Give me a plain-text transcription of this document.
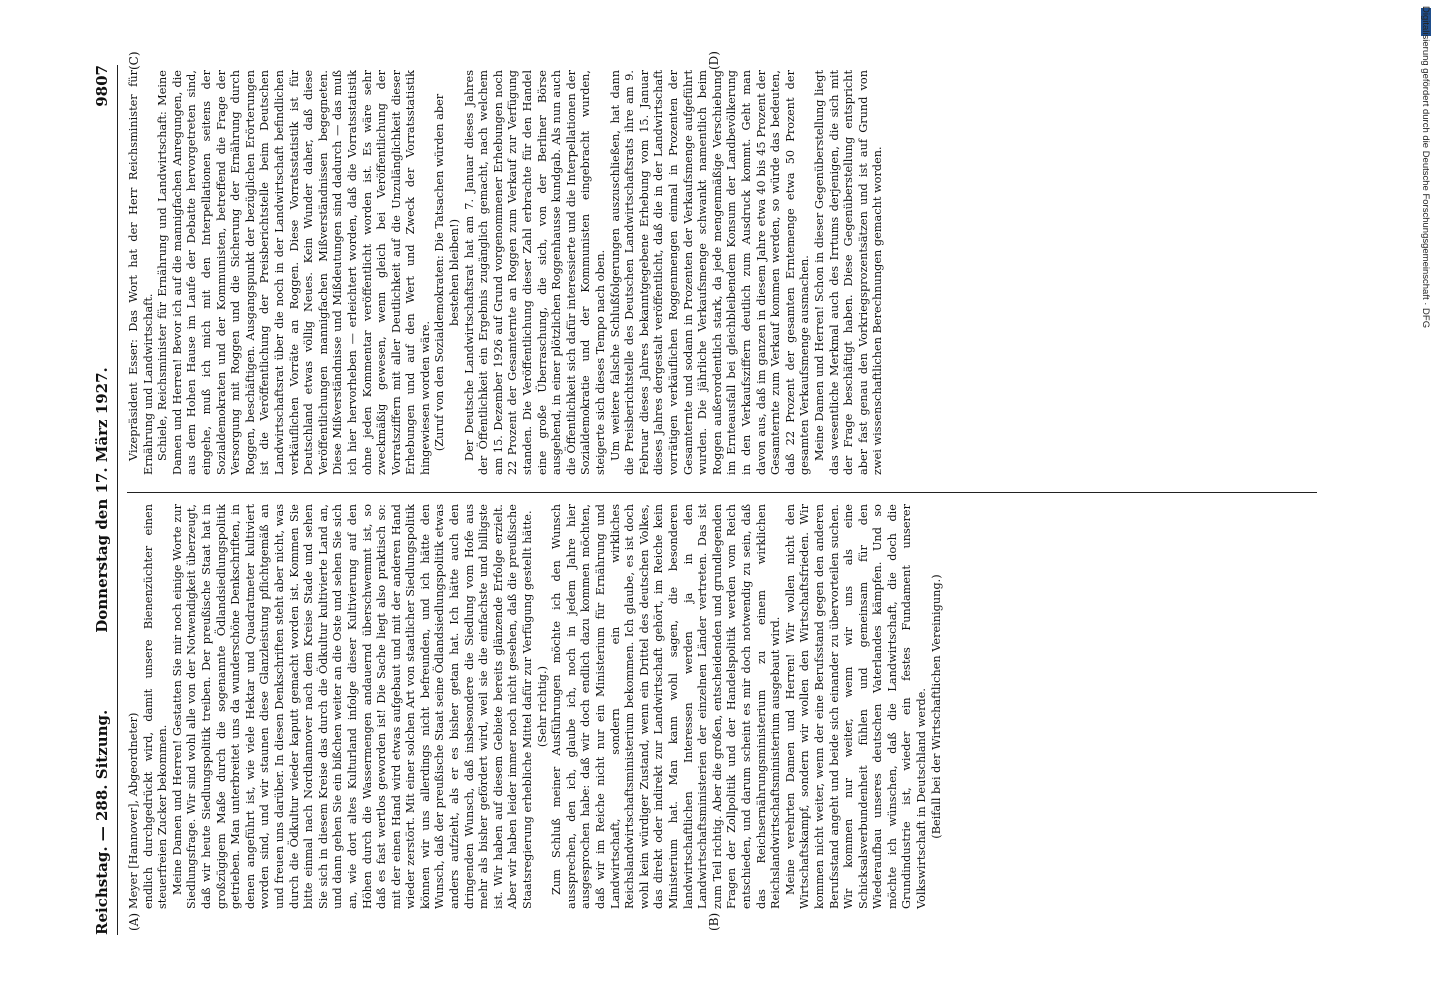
Reichstag. — 288. Sitzung.
Donnerstag den 17. März 1927.
9807
(A)	(B)
(C)	(D)

Meyer [Hannover], Abgeordneter) endlich durchgedrückt wird, damit unsere Bienenzüchter einen steuerfreien Zucker bekommen. Meine Damen und Herren! Gestatten Sie mir noch einige Worte zur Siedlungsfrage. Wir sind wohl alle von der Notwendigkeit überzeugt, daß wir heute Siedlungspolitik treiben. Der preußische Staat hat in großzügigem Maße durch die sogenannte Ödlandsiedlungspolitik getrieben. Man unterbreitet uns da wunderschöne Denkschriften, in denen angeführt ist, wie viele Hektar und Quadratmeter kultiviert worden sind, und wir staunen diese Glanzleistung pflichtgemäß an und freuen uns darüber. In diesen Denkschriften steht aber nicht, was durch die Ödkultur wieder kaputt gemacht worden ist. Kommen Sie bitte einmal nach Nordhannover nach dem Kreise Stade und sehen Sie sich in diesem Kreise das durch die Ödkultur kultivierte Land an, und dann gehen Sie ein bißchen weiter an die Oste und sehen Sie sich an, wie dort altes Kulturland infolge dieser Kultivierung auf den Höhen durch die Wassermengen andauernd überschwemmt ist, so daß es fast wertlos geworden ist! Die Sache liegt also praktisch so: mit der einen Hand wird etwas aufgebaut und mit der anderen Hand wieder zerstört. Mit einer solchen Art von staatlicher Siedlungspolitik können wir uns allerdings nicht befreunden, und ich hätte den Wunsch, daß der preußische Staat seine Ödlandsiedlungspolitik etwas anders aufzieht, als er es bisher getan hat. Ich hätte auch den dringenden Wunsch, daß insbesondere die Siedlung vom Hofe aus mehr als bisher gefördert wird, weil sie die einfachste und billigste ist. Wir haben auf diesem Gebiete bereits glänzende Erfolge erzielt. Aber wir haben leider immer noch nicht gesehen, daß die preußische Staatsregierung erhebliche Mittel dafür zur Verfügung gestellt hätte. (Sehr richtig.) Zum Schluß meiner Ausführungen möchte ich den Wunsch aussprechen, den ich, glaube ich, noch in jedem Jahre hier ausgesprochen habe: daß wir doch endlich dazu kommen möchten, daß wir im Reiche nicht nur ein Ministerium für Ernährung und Landwirtschaft, sondern ein wirkliches Reichslandwirtschaftsministerium bekommen. Ich glaube, es ist doch wohl kein würdiger Zustand, wenn ein Drittel des deutschen Volkes, das direkt oder indirekt zur Landwirtschaft gehört, im Reiche kein Ministerium hat. Man kann wohl sagen, die besonderen landwirtschaftlichen Interessen werden ja in den Landwirtschaftsministerien der einzelnen Länder vertreten. Das ist zum Teil richtig. Aber die großen, entscheidenden und grundlegenden Fragen der Zollpolitik und der Handelspolitik werden vom Reich entschieden, und darum scheint es mir doch notwendig zu sein, daß das Reichsernährungsministerium zu einem wirklichen Reichslandwirtschaftsministerium ausgebaut wird. Meine verehrten Damen und Herren! Wir wollen nicht den Wirtschaftskampf, sondern wir wollen den Wirtschaftsfrieden. Wir kommen nicht weiter, wenn der eine Berufsstand gegen den anderen Berufsstand angeht und beide sich einander zu übervorteilen suchen. Wir kommen nur weiter, wenn wir uns als eine Schicksalsverbundenheit fühlen und gemeinsam für den Wiederaufbau unseres deutschen Vaterlandes kämpfen. Und so möchte ich wünschen, daß die Landwirtschaft, die doch die Grundindustrie ist, wieder ein festes Fundament unserer Volkswirtschaft in Deutschland werde. (Beifall bei der Wirtschaftlichen Vereinigung.)

Vizepräsident Esser: Das Wort hat der Herr Reichsminister für Ernährung und Landwirtschaft. Schiele, Reichsminister für Ernährung und Landwirtschaft: Meine Damen und Herren! Bevor ich auf die mannigfachen Anregungen, die aus dem Hohen Hause im Laufe der Debatte hervorgetreten sind, eingehe, muß ich mich mit den Interpellationen seitens der Sozialdemokraten und der Kommunisten, betreffend die Frage der Versorgung mit Roggen und die Sicherung der Ernährung durch Roggen, beschäftigen. Ausgangspunkt der bezüglichen Erörterungen ist die Veröffentlichung der Preisberichtstelle beim Deutschen Landwirtschaftsrat über die noch in der Landwirtschaft befindlichen verkäuflichen Vorräte an Roggen. Diese Vorratsstatistik ist für Deutschland etwas völlig Neues. Kein Wunder daher, daß diese Veröffentlichungen mannigfachen Mißverständnissen begegneten. Diese Mißverständnisse und Mißdeutungen sind dadurch — das muß ich hier hervorheben — erleichtert worden, daß die Vorratsstatistik ohne jeden Kommentar veröffentlicht worden ist. Es wäre sehr zweckmäßig gewesen, wenn gleich bei Veröffentlichung der Vorratsziffern mit aller Deutlichkeit auf die Unzulänglichkeit dieser Erhebungen und auf den Wert und Zweck der Vorratsstatistik hingewiesen worden wäre. (Zuruf von den Sozialdemokraten: Die Tatsachen würden aber bestehen bleiben!) Der Deutsche Landwirtschaftsrat hat am 7. Januar dieses Jahres der Öffentlichkeit ein Ergebnis zugänglich gemacht, nach welchem am 15. Dezember 1926 auf Grund vorgenommener Erhebungen noch 22 Prozent der Gesamternte an Roggen zum Verkauf zur Verfügung standen. Die Veröffentlichung dieser Zahl erbrachte für den Handel eine große Überraschung, die sich, von der Berliner Börse ausgehend, in einer plötzlichen Roggenhausse kundgab. Als nun auch die Öffentlichkeit sich dafür interessierte und die Interpellationen der Sozialdemokratie und der Kommunisten eingebracht wurden, steigerte sich dieses Tempo nach oben. Um weitere falsche Schlußfolgerungen auszuschließen, hat dann die Preisberichtstelle des Deutschen Landwirtschaftsrats ihre am 9. Februar dieses Jahres bekanntgegebene Erhebung vom 15. Januar dieses Jahres dergestalt veröffentlicht, daß die in der Landwirtschaft vorrätigen verkäuflichen Roggenmengen einmal in Prozenten der Gesamternte und sodann in Prozenten der Verkaufsmenge aufgeführt wurden. Die jährliche Verkaufsmenge schwankt namentlich beim Roggen außerordentlich stark, da jede mengenmäßige Verschiebung im Ernteausfall bei gleichbleibendem Konsum der Landbevölkerung in den Verkaufsziffern deutlich zum Ausdruck kommt. Geht man davon aus, daß im ganzen in diesem Jahre etwa 40 bis 45 Prozent der Gesamternte zum Verkauf kommen werden, so würde das bedeuten, daß 22 Prozent der gesamten Erntemenge etwa 50 Prozent der gesamten Verkaufsmenge ausmachen. Meine Damen und Herren! Schon in dieser Gegenüberstellung liegt das wesentliche Merkmal auch des Irrtums derjenigen, die sich mit der Frage beschäftigt haben. Diese Gegenüberstellung entspricht aber fast genau den Vorkriegsprozentsätzen und ist auf Grund von zwei wissenschaftlichen Berechnungen gemacht worden.	Digitalisierung gefördert durch die Deutsche Forschungsgemeinschaft · DFG
